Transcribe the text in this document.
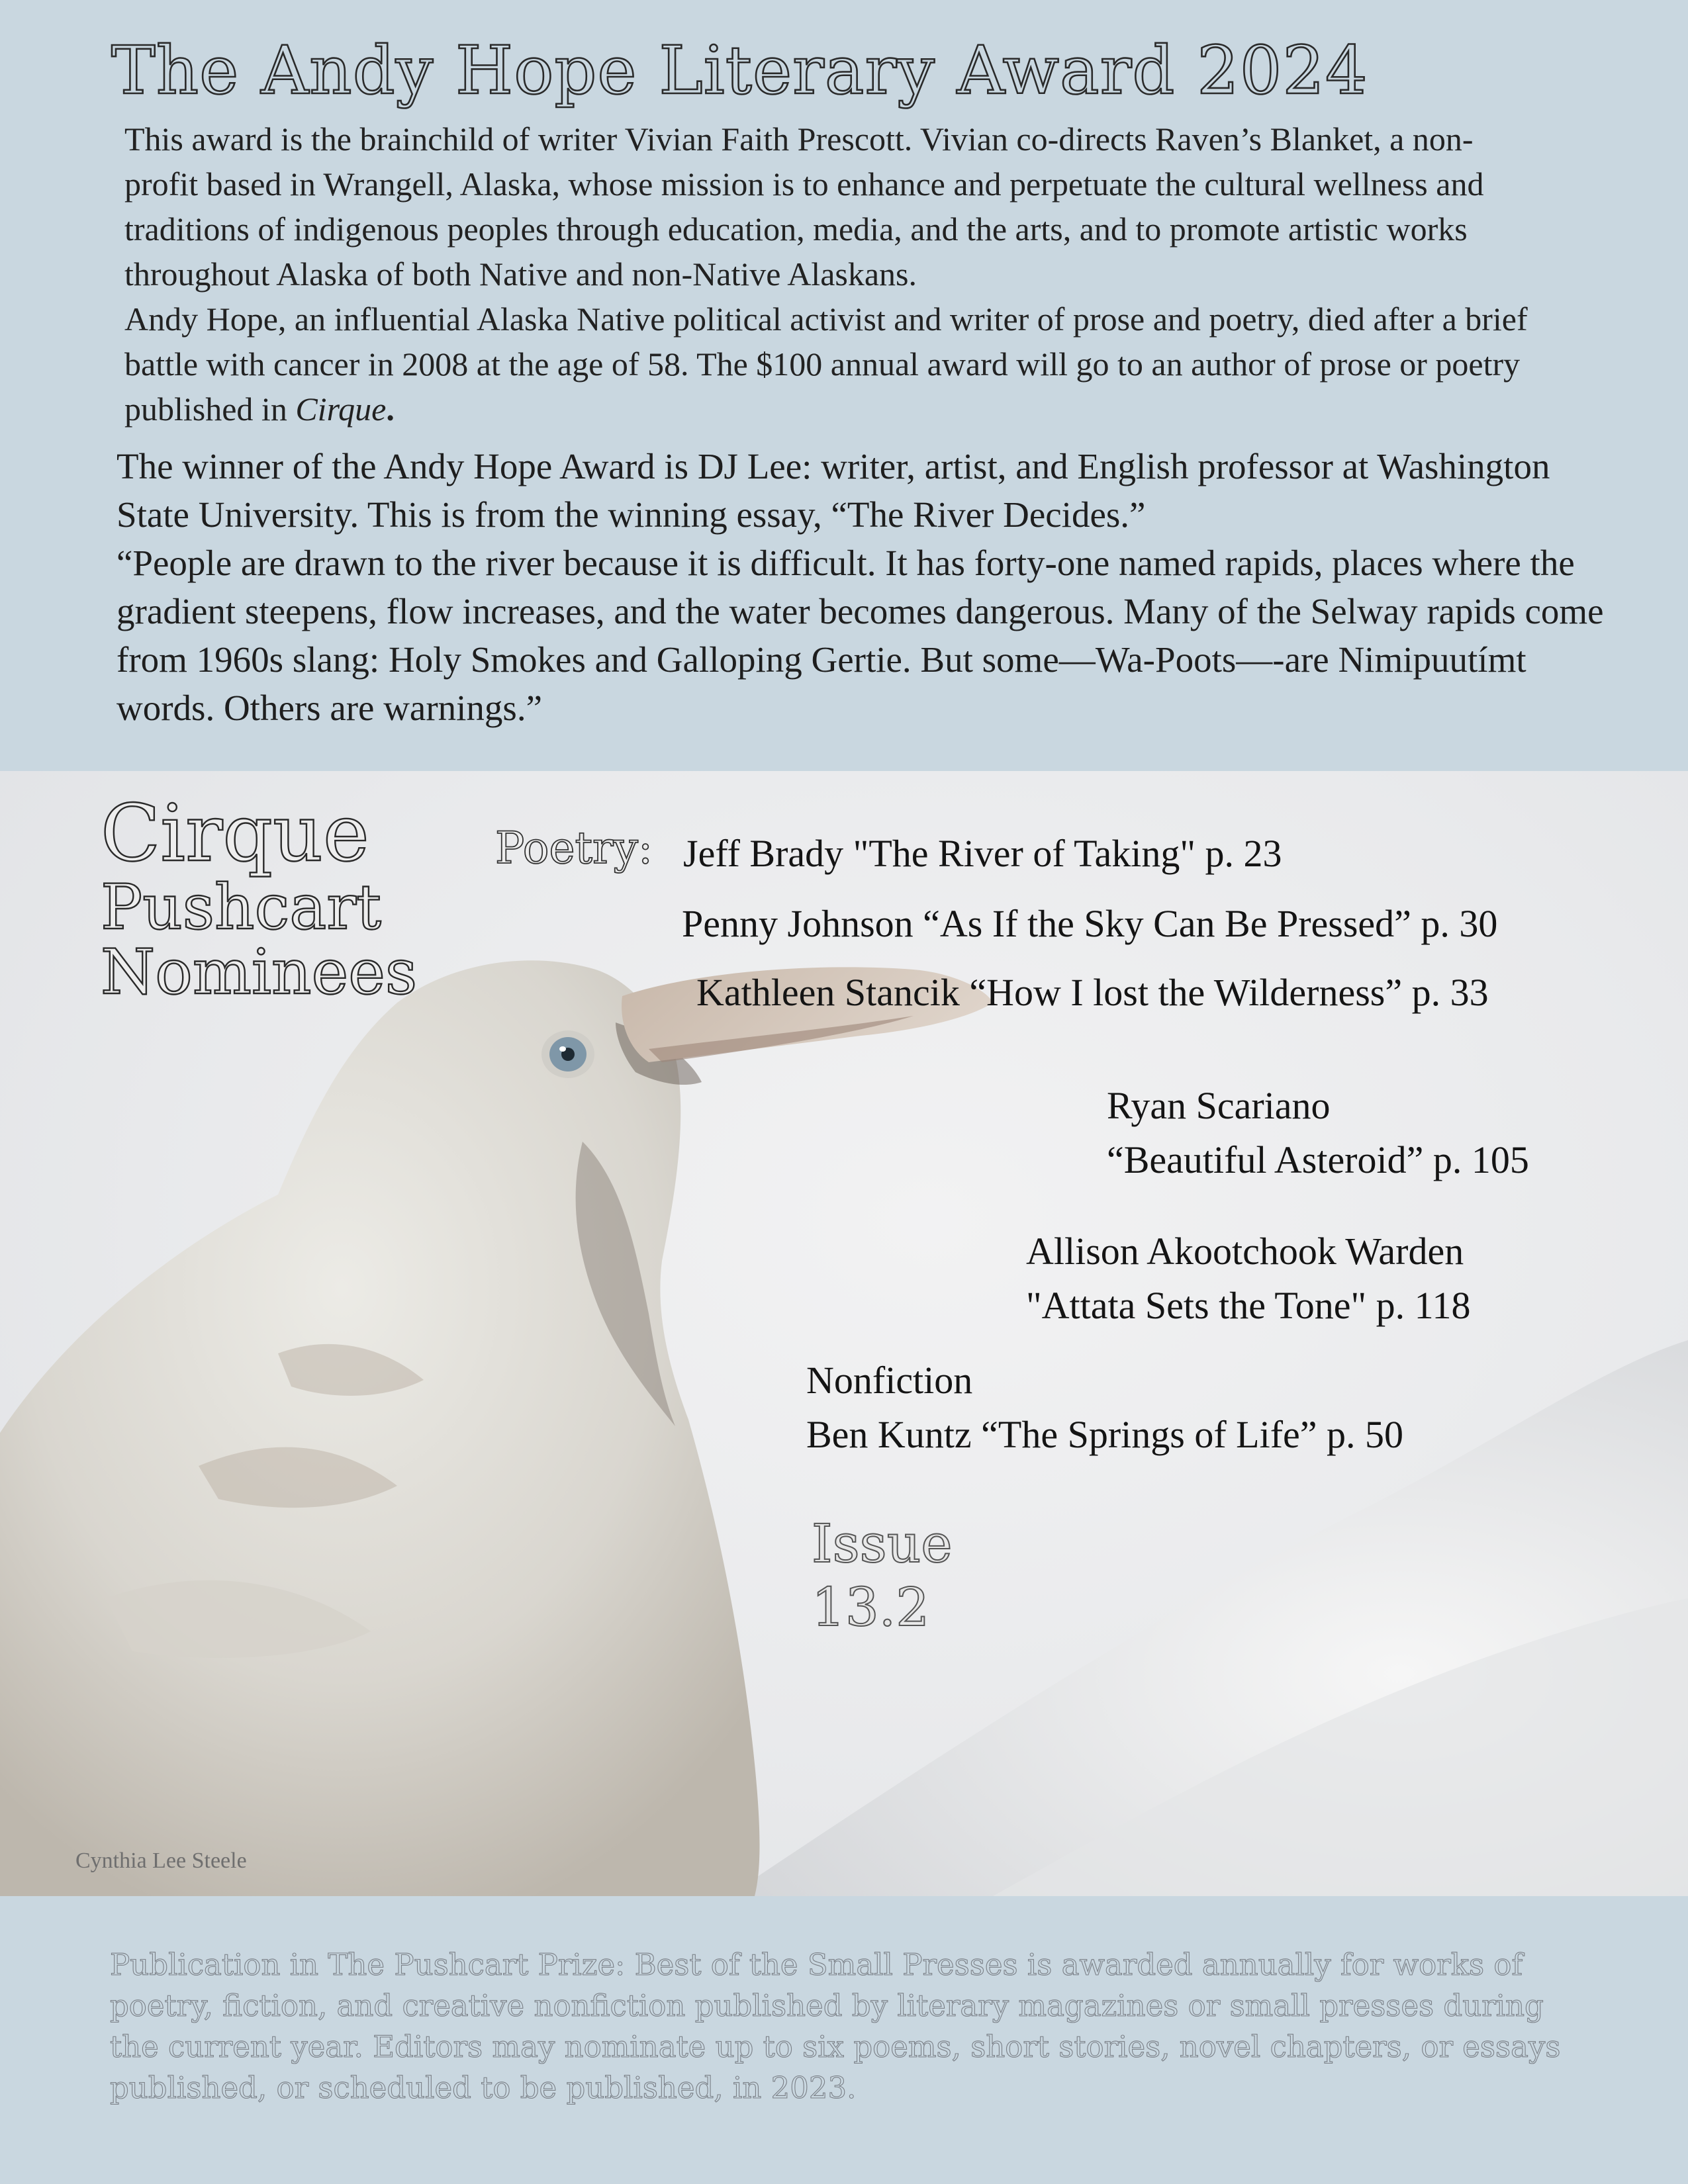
The Andy Hope Literary Award 2024

This award is the brainchild of writer Vivian Faith Prescott. Vivian co-directs Raven’s Blanket, a non-profit based in Wrangell, Alaska, whose mission is to enhance and perpetuate the cultural wellness and traditions of indigenous peoples through education, media, and the arts, and to promote artistic works throughout Alaska of both Native and non-Native Alaskans.

Andy Hope, an influential Alaska Native political activist and writer of prose and poetry, died after a brief battle with cancer in 2008 at the age of 58. The $100 annual award will go to an author of prose or poetry published in Cirque.

The winner of the Andy Hope Award is DJ Lee: writer, artist, and English professor at Washington State University. This is from the winning essay, “The River Decides.”

“People are drawn to the river because it is difficult. It has forty-one named rapids, places where the gradient steepens, flow increases, and the water becomes dangerous. Many of the Selway rapids come from 1960s slang: Holy Smokes and Galloping Gertie. But some—Wa-Poots—-are Nimipuutímt words. Others are warnings.”

Cirque
Pushcart
Nominees
Poetry: Jeff Brady "The River of Taking" p. 23
Penny Johnson “As If the Sky Can Be Pressed” p. 30
Kathleen Stancik “How I lost the Wilderness” p. 33
Ryan Scariano
“Beautiful Asteroid” p. 105
Allison Akootchook Warden
"Attata Sets the Tone" p. 118
Nonfiction
Ben Kuntz “The Springs of Life” p. 50
Issue
13.2
Cynthia Lee Steele
Publication in The Pushcart Prize: Best of the Small Presses is awarded annually for works of poetry, fiction, and creative nonfiction published by literary magazines or small presses during the current year. Editors may nominate up to six poems, short stories, novel chapters, or essays published, or scheduled to be published, in 2023.
